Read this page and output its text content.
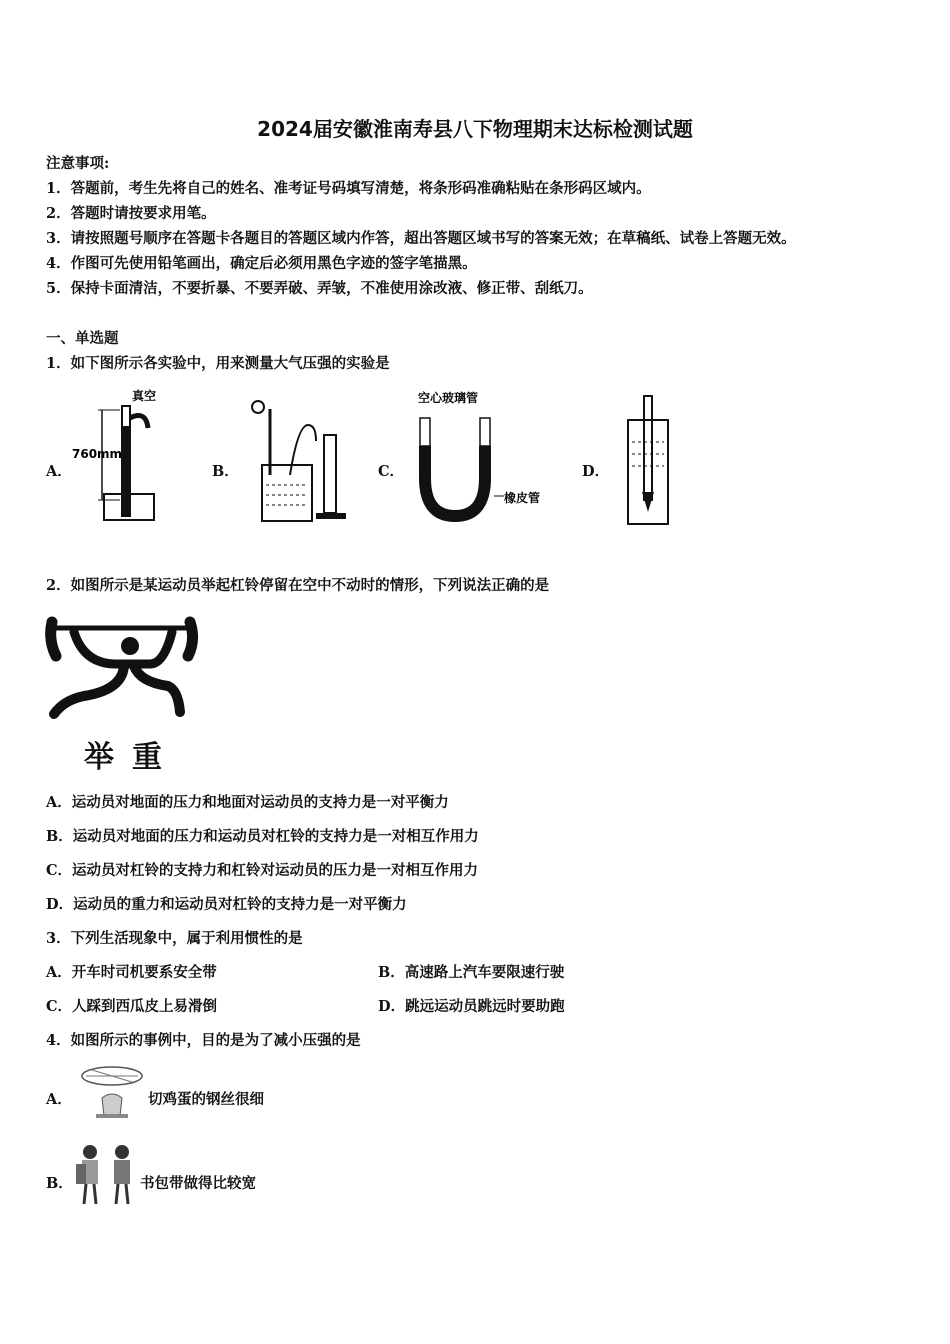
2024届安徽淮南寿县八下物理期末达标检测试题
注意事项:
1．答题前，考生先将自己的姓名、准考证号码填写清楚，将条形码准确粘贴在条形码区域内。
2．答题时请按要求用笔。
3．请按照题号顺序在答题卡各题目的答题区域内作答，超出答题区域书写的答案无效；在草稿纸、试卷上答题无效。
4．作图可先使用铅笔画出，确定后必须用黑色字迹的签字笔描黑。
5．保持卡面清洁，不要折暴、不要弄破、弄皱，不准使用涂改液、修正带、刮纸刀。
一、单选题
1．如下图所示各实验中，用来测量大气压强的实验是
A．
真空
760mm
B．	C．
空心玻璃管
橡皮管
D．
2．如图所示是某运动员举起杠铃停留在空中不动时的情形，下列说法正确的是
举重
A．运动员对地面的压力和地面对运动员的支持力是一对平衡力
B．运动员对地面的压力和运动员对杠铃的支持力是一对相互作用力
C．运动员对杠铃的支持力和杠铃对运动员的压力是一对相互作用力
D．运动员的重力和运动员对杠铃的支持力是一对平衡力
3．下列生活现象中，属于利用惯性的是
A．开车时司机要系安全带	B．高速路上汽车要限速行驶
C．人踩到西瓜皮上易滑倒	D．跳远运动员跳远时要助跑
4．如图所示的事例中，目的是为了减小压强的是
A．	切鸡蛋的钢丝很细
B．	书包带做得比较宽
